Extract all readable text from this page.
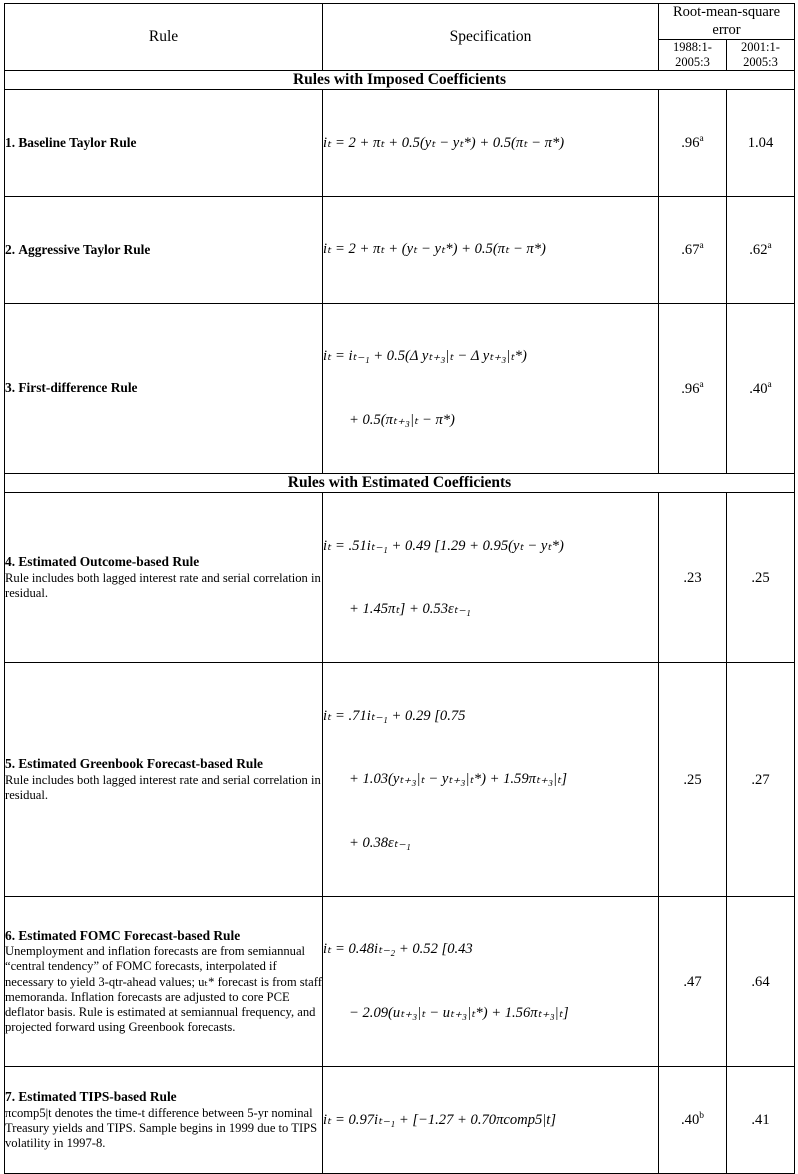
Rule	Specification	Root-mean-square error	
		1988:1-2005:3	2001:1-2005:3
Rules with Imposed Coefficients			
1. Baseline Taylor Rule	iₜ = 2 + πₜ + 0.5(yₜ − yₜ*) + 0.5(πₜ − π*)	.96$^a$	1.04
2. Aggressive Taylor Rule	iₜ = 2 + πₜ + (yₜ − yₜ*) + 0.5(πₜ − π*)	.67$^a$	.62$^a$
3. First-difference Rule	iₜ = iₜ₋₁ + 0.5(Δ yₜ₊₃|ₜ − Δ yₜ₊₃|ₜ*)

+ 0.5(πₜ₊₃|ₜ − π*)	.96$^a$	.40$^a$
Rules with Estimated Coefficients			
4. Estimated Outcome-based Rule
Rule includes both lagged interest rate and serial correlation in residual.	iₜ = .51iₜ₋₁ + 0.49 [1.29 + 0.95(yₜ − yₜ*)

+ 1.45πₜ] + 0.53εₜ₋₁	.23	.25
5. Estimated Greenbook Forecast-based Rule
Rule includes both lagged interest rate and serial correlation in residual.	iₜ = .71iₜ₋₁ + 0.29 [0.75

+ 1.03(yₜ₊₃|ₜ − yₜ₊₃|ₜ*) + 1.59πₜ₊₃|ₜ]

+ 0.38εₜ₋₁	.25	.27
6. Estimated FOMC Forecast-based Rule
Unemployment and inflation forecasts are from semiannual “central tendency” of FOMC forecasts, interpolated if necessary to yield 3-qtr-ahead values; uₜ* forecast is from staff memoranda. Inflation forecasts are adjusted to core PCE deflator basis. Rule is estimated at semiannual frequency, and projected forward using Greenbook forecasts.	iₜ = 0.48iₜ₋₂ + 0.52 [0.43

− 2.09(uₜ₊₃|ₜ − uₜ₊₃|ₜ*) + 1.56πₜ₊₃|ₜ]	.47	.64
7. Estimated TIPS-based Rule
πcomp5|t denotes the time-t difference between 5-yr nominal Treasury yields and TIPS. Sample begins in 1999 due to TIPS volatility in 1997-8.	iₜ = 0.97iₜ₋₁ + [−1.27 + 0.70πcomp5|t]	.40$^b$	.41
